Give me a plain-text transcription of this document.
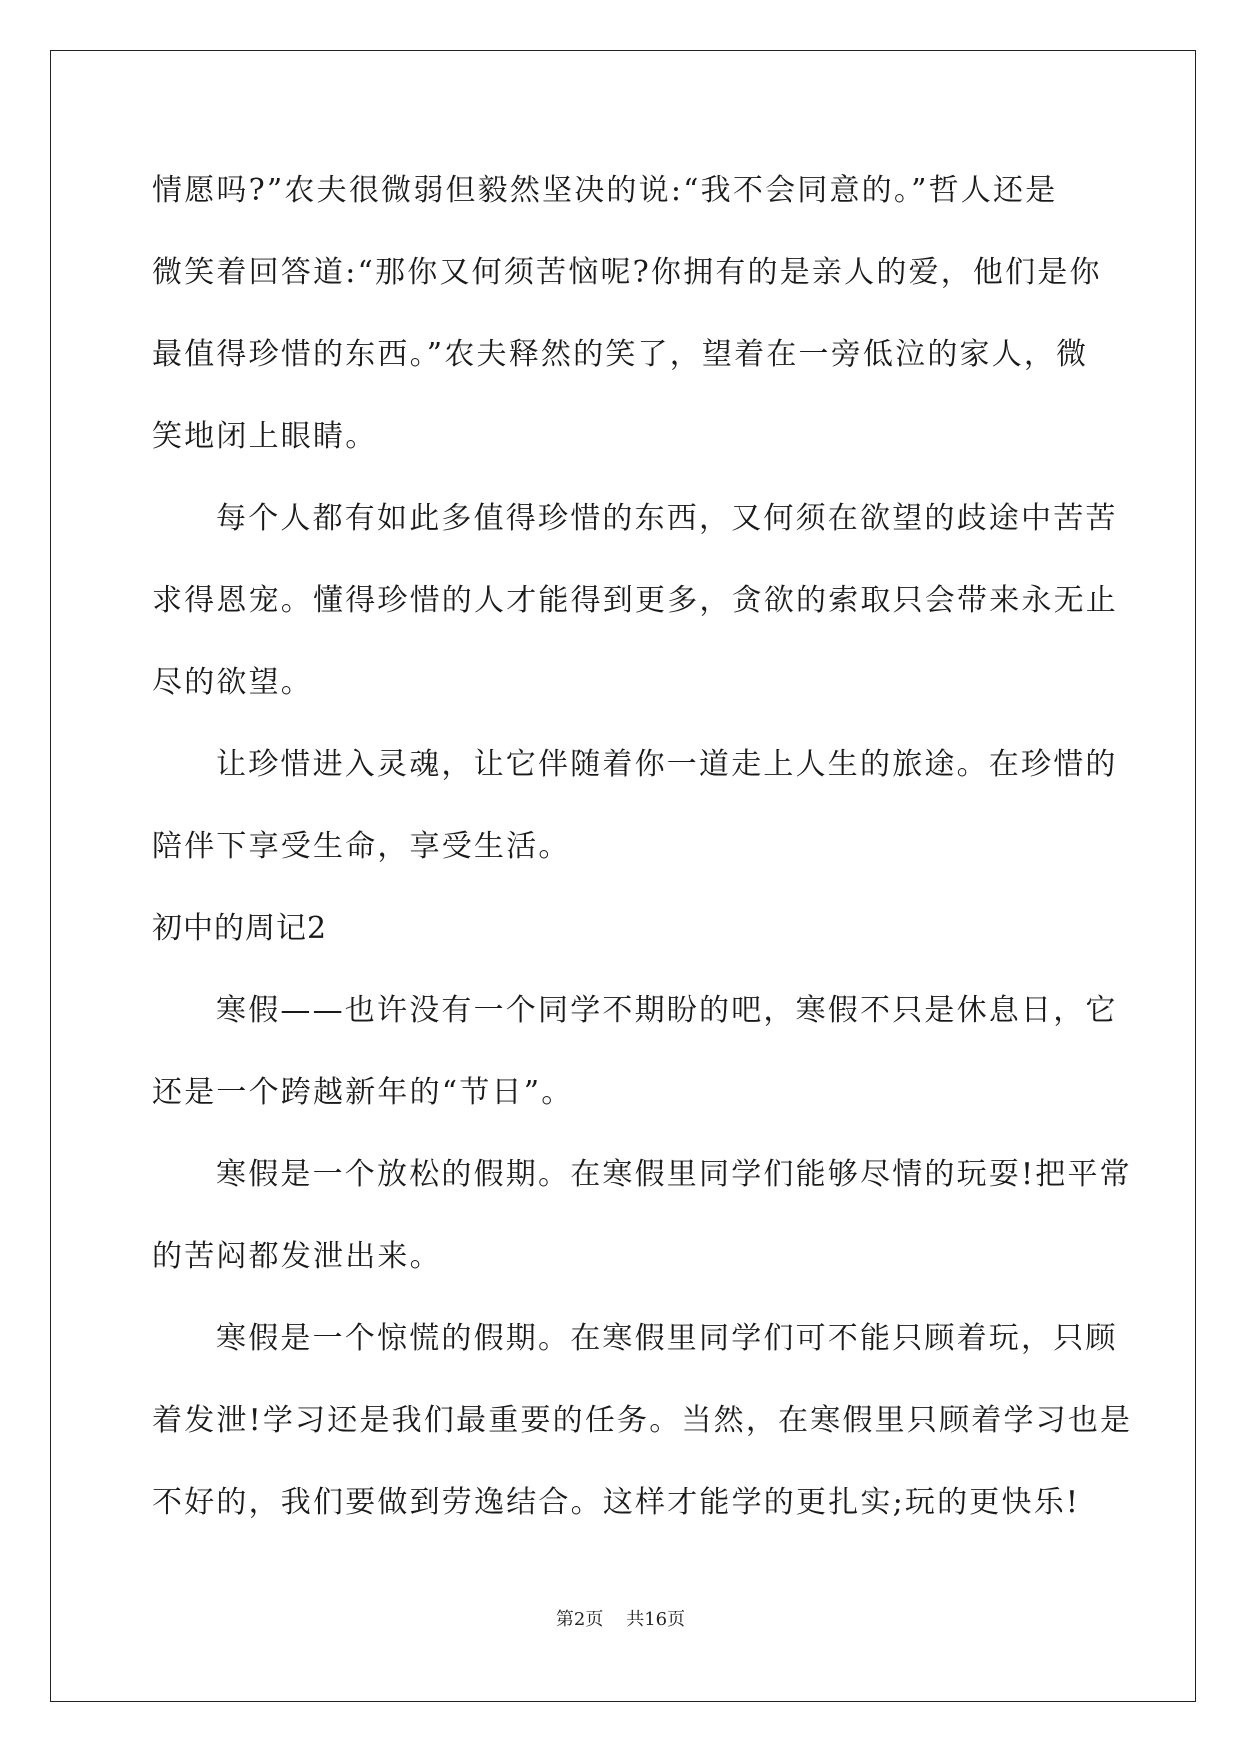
情愿吗?”农夫很微弱但毅然坚决的说:“我不会同意的。”哲人还是
微笑着回答道:“那你又何须苦恼呢?你拥有的是亲人的爱，他们是你
最值得珍惜的东西。”农夫释然的笑了，望着在一旁低泣的家人，微
笑地闭上眼睛。
每个人都有如此多值得珍惜的东西，又何须在欲望的歧途中苦苦
求得恩宠。懂得珍惜的人才能得到更多，贪欲的索取只会带来永无止
尽的欲望。
让珍惜进入灵魂，让它伴随着你一道走上人生的旅途。在珍惜的
陪伴下享受生命，享受生活。
初中的周记2
寒假——也许没有一个同学不期盼的吧，寒假不只是休息日，它
还是一个跨越新年的“节日”。
寒假是一个放松的假期。在寒假里同学们能够尽情的玩耍!把平常
的苦闷都发泄出来。
寒假是一个惊慌的假期。在寒假里同学们可不能只顾着玩，只顾
着发泄!学习还是我们最重要的任务。当然，在寒假里只顾着学习也是
不好的，我们要做到劳逸结合。这样才能学的更扎实;玩的更快乐!
第2页 共16页
